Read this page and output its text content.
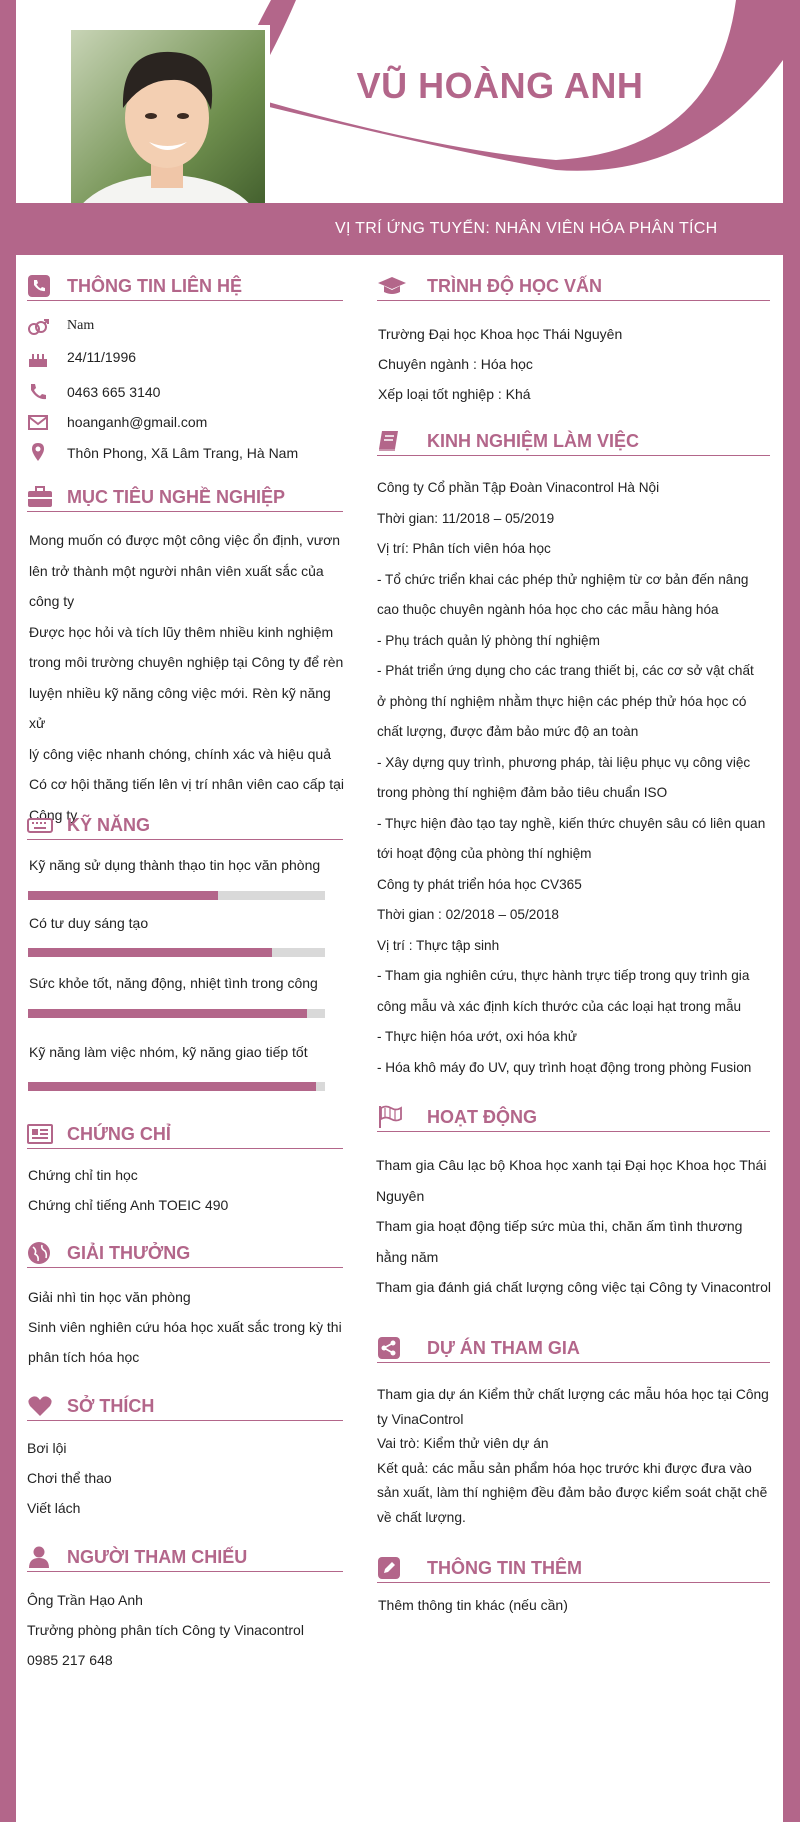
VŨ HOÀNG ANH
VỊ TRÍ ỨNG TUYỂN: NHÂN VIÊN HÓA PHÂN TÍCH
THÔNG TIN LIÊN HỆ
Nam
24/11/1996
0463 665 3140
hoanganh@gmail.com
Thôn Phong, Xã Lâm Trang, Hà Nam
MỤC TIÊU NGHỀ NGHIỆP
Mong muốn có được một công việc ổn định, vươn
lên trở thành một người nhân viên xuất sắc của
công ty
Được học hỏi và tích lũy thêm nhiều kinh nghiệm
trong môi trường chuyên nghiệp tại Công ty để rèn
luyện nhiều kỹ năng công việc mới. Rèn kỹ năng xử
lý công việc nhanh chóng, chính xác và hiệu quả
Có cơ hội thăng tiến lên vị trí nhân viên cao cấp tại
Công ty
KỸ NĂNG
Kỹ năng sử dụng thành thạo tin học văn phòng
Có tư duy sáng tạo
Sức khỏe tốt, năng động, nhiệt tình trong công
Kỹ năng làm việc nhóm, kỹ năng giao tiếp tốt
CHỨNG CHỈ
Chứng chỉ tin học
Chứng chỉ tiếng Anh TOEIC 490
GIẢI THƯỞNG
Giải nhì tin học văn phòng
Sinh viên nghiên cứu hóa học xuất sắc trong kỳ thi
phân tích hóa học
SỞ THÍCH
Bơi lội
Chơi thể thao
Viết lách
NGƯỜI THAM CHIẾU
Ông Trần Hạo Anh
Trưởng phòng phân tích Công ty Vinacontrol
0985 217 648
TRÌNH ĐỘ HỌC VẤN
Trường Đại học Khoa học Thái Nguyên
Chuyên ngành : Hóa học
Xếp loại tốt nghiệp : Khá
KINH NGHIỆM LÀM VIỆC
Công ty Cổ phần Tập Đoàn Vinacontrol Hà Nội
Thời gian: 11/2018 – 05/2019
Vị trí: Phân tích viên hóa học
- Tổ chức triển khai các phép thử nghiệm từ cơ bản đến nâng
cao thuộc chuyên ngành hóa học cho các mẫu hàng hóa
- Phụ trách quản lý phòng thí nghiệm
- Phát triển ứng dụng cho các trang thiết bị, các cơ sở vật chất
ở phòng thí nghiệm nhằm thực hiện các phép thử hóa học có
chất lượng, được đảm bảo mức độ an toàn
- Xây dựng quy trình, phương pháp, tài liệu phục vụ công việc
trong phòng thí nghiệm đảm bảo tiêu chuẩn ISO
- Thực hiện đào tạo tay nghề, kiến thức chuyên sâu có liên quan
tới hoạt động của phòng thí nghiệm
Công ty phát triển hóa học CV365
Thời gian : 02/2018 – 05/2018
Vị trí : Thực tập sinh
- Tham gia nghiên cứu, thực hành trực tiếp trong quy trình gia
công mẫu và xác định kích thước của các loại hạt trong mẫu
- Thực hiện hóa ướt, oxi hóa khử
- Hóa khô máy đo UV, quy trình hoạt động trong phòng Fusion
HOẠT ĐỘNG
Tham gia Câu lạc bộ Khoa học xanh tại Đại học Khoa học Thái
Nguyên
Tham gia hoạt động tiếp sức mùa thi, chăn ấm tình thương
hằng năm
Tham gia đánh giá chất lượng công việc tại Công ty Vinacontrol
DỰ ÁN THAM GIA
Tham gia dự án Kiểm thử chất lượng các mẫu hóa học tại Công
ty VinaControl
Vai trò: Kiểm thử viên dự án
Kết quả: các mẫu sản phẩm hóa học trước khi được đưa vào
sản xuất, làm thí nghiệm đều đảm bảo được kiểm soát chặt chẽ
về chất lượng.
THÔNG TIN THÊM
Thêm thông tin khác (nếu cần)
